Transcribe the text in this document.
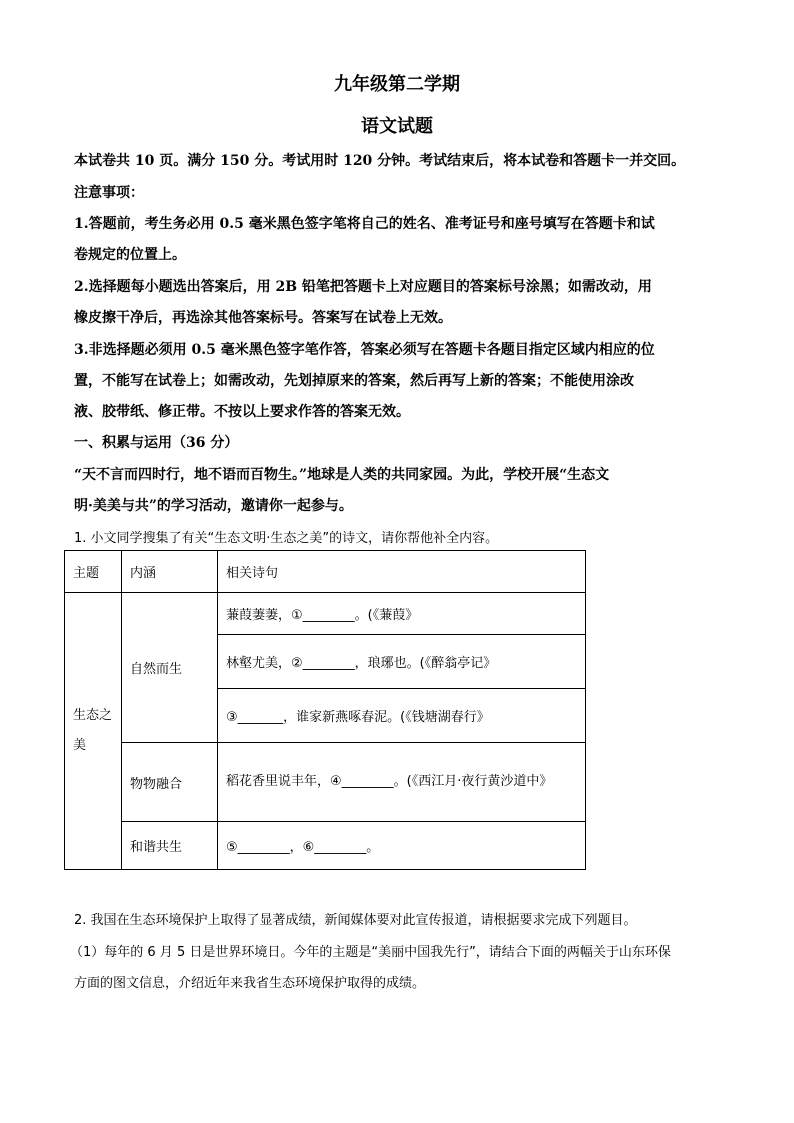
九年级第二学期
语文试题
本试卷共 10 页。满分 150 分。考试用时 120 分钟。考试结束后，将本试卷和答题卡一并交回。
注意事项：
1.答题前，考生务必用 0.5 毫米黑色签字笔将自己的姓名、准考证号和座号填写在答题卡和试
卷规定的位置上。
2.选择题每小题选出答案后，用 2B 铅笔把答题卡上对应题目的答案标号涂黑；如需改动，用
橡皮擦干净后，再选涂其他答案标号。答案写在试卷上无效。
3.非选择题必须用 0.5 毫米黑色签字笔作答，答案必须写在答题卡各题目指定区域内相应的位
置，不能写在试卷上；如需改动，先划掉原来的答案，然后再写上新的答案；不能使用涂改
液、胶带纸、修正带。不按以上要求作答的答案无效。
一、积累与运用（36 分）
“天不言而四时行，地不语而百物生。”地球是人类的共同家园。为此，学校开展“生态文
明·美美与共”的学习活动，邀请你一起参与。
1. 小文同学搜集了有关“生态文明·生态之美”的诗文，请你帮他补全内容。
主题	内涵	相关诗句
生态之美	自然而生	蒹葭萋萋，①________。(《蒹葭》
		林壑尤美，②________，琅琊也。(《醉翁亭记》
		③_______，谁家新燕啄春泥。(《钱塘湖春行》
	物物融合	稻花香里说丰年，④________。(《西江月·夜行黄沙道中》
	和谐共生	⑤________，⑥________。
2. 我国在生态环境保护上取得了显著成绩，新闻媒体要对此宣传报道，请根据要求完成下列题目。
（1）每年的 6 月 5 日是世界环境日。今年的主题是“美丽中国我先行”，请结合下面的两幅关于山东环保
方面的图文信息，介绍近年来我省生态环境保护取得的成绩。
